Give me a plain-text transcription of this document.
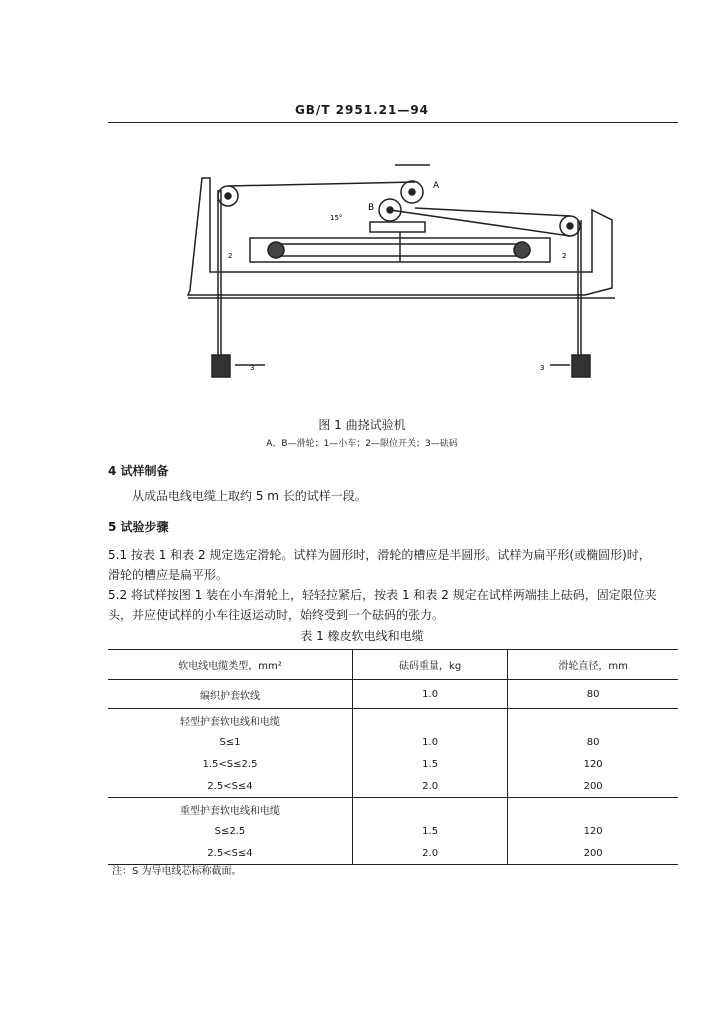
GB/T 2951.21—94
A
B
15°
2	2
3	3
图 1 曲挠试验机
A、B—滑轮；1—小车；2—限位开关；3—砝码
4 试样制备
从成品电线电缆上取约 5 m 长的试样一段。
5 试验步骤
5.1 按表 1 和表 2 规定选定滑轮。试样为圆形时，滑轮的槽应是半圆形。试样为扁平形(或椭圆形)时，
滑轮的槽应是扁平形。
5.2 将试样按图 1 装在小车滑轮上，轻轻拉紧后，按表 1 和表 2 规定在试样两端挂上砝码，固定限位夹
头，并应使试样的小车往返运动时，始终受到一个砝码的张力。
表 1 橡皮软电线和电缆
软电线电缆类型，mm²	砝码重量，kg	滑轮直径，mm
编织护套软线	1.0	80
轻型护套软电线和电缆		
S≤1	1.0	80
1.5<S≤2.5	1.5	120
2.5<S≤4	2.0	200
重型护套软电线和电缆		
S≤2.5	1.5	120
2.5<S≤4	2.0	200
注：S 为导电线芯标称截面。
